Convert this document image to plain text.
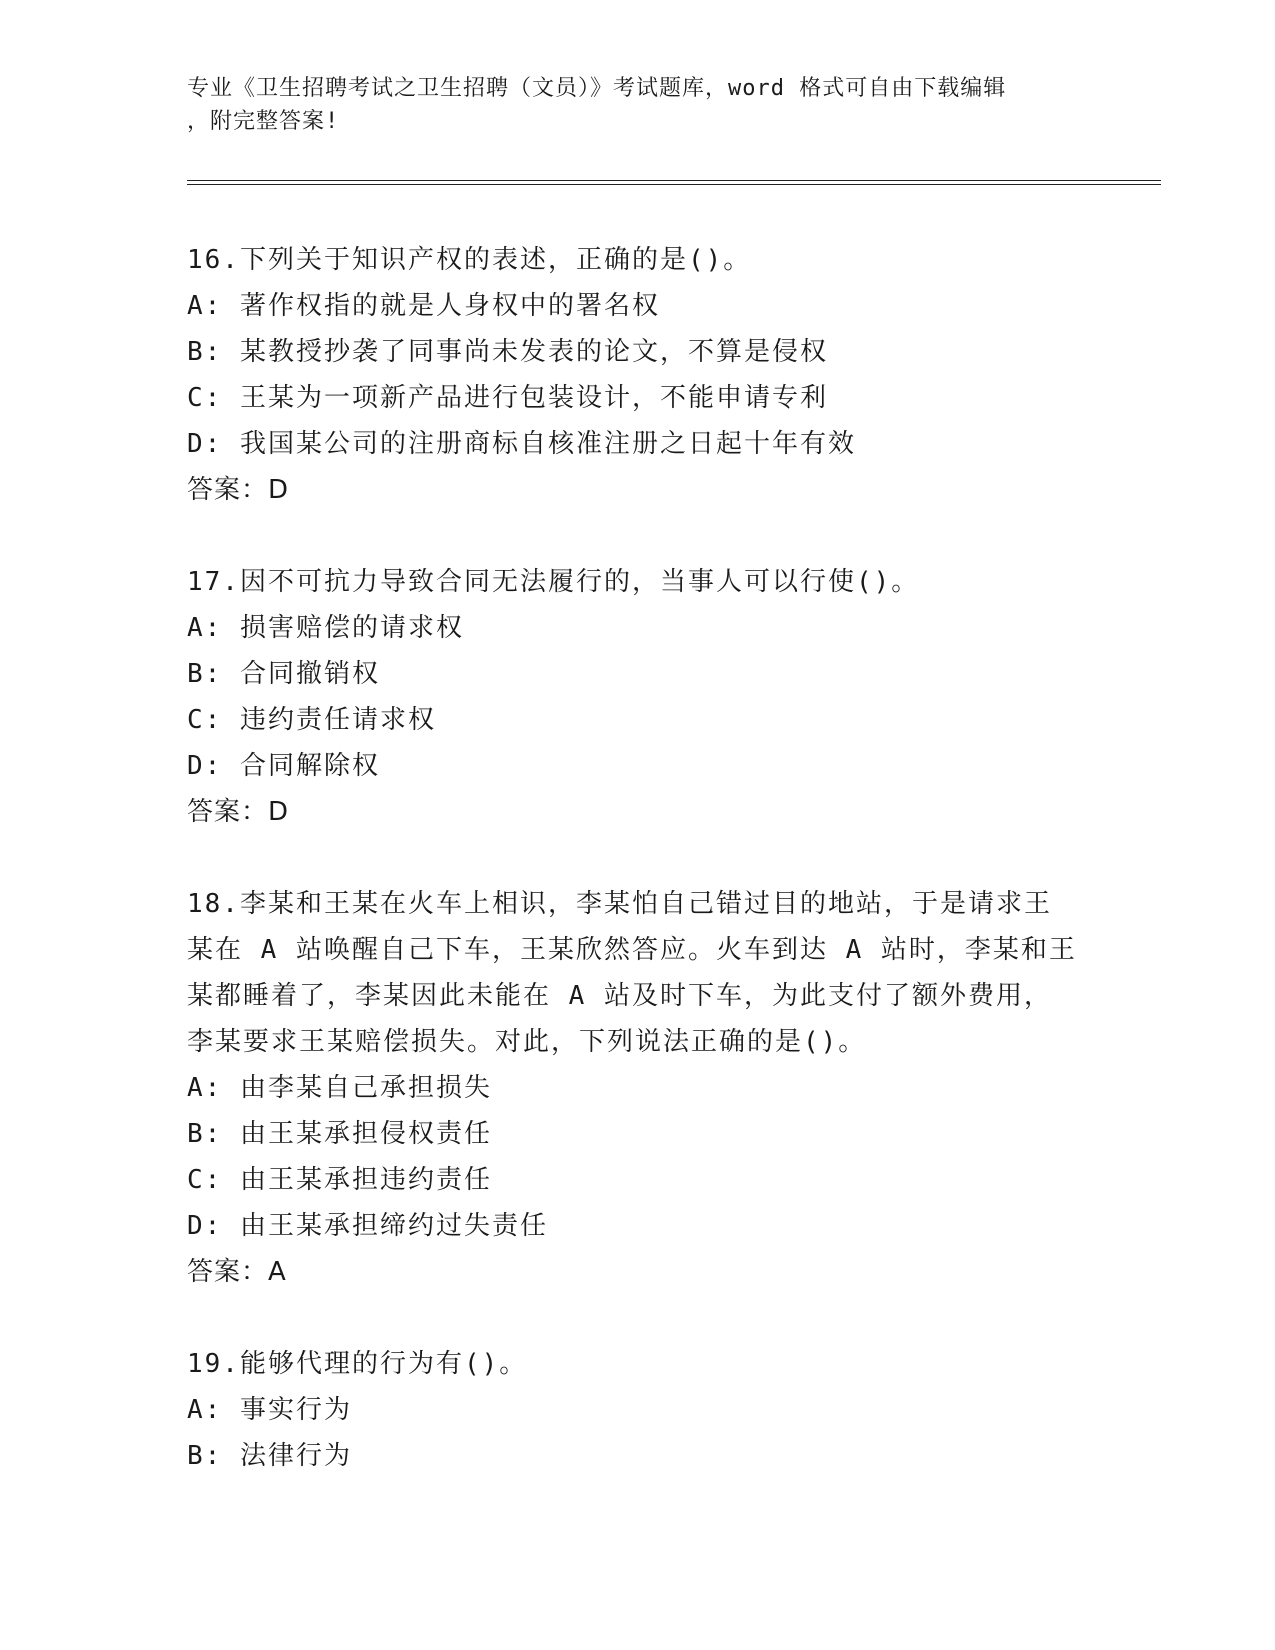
专业《卫生招聘考试之卫生招聘（文员）》考试题库，word 格式可自由下载编辑
，附完整答案!
16.下列关于知识产权的表述，正确的是()。
A: 著作权指的就是人身权中的署名权
B: 某教授抄袭了同事尚未发表的论文，不算是侵权
C: 王某为一项新产品进行包装设计，不能申请专利
D: 我国某公司的注册商标自核准注册之日起十年有效
答案：D
17.因不可抗力导致合同无法履行的，当事人可以行使()。
A: 损害赔偿的请求权
B: 合同撤销权
C: 违约责任请求权
D: 合同解除权
答案：D
18.李某和王某在火车上相识，李某怕自己错过目的地站，于是请求王
某在 A 站唤醒自己下车，王某欣然答应。火车到达 A 站时，李某和王
某都睡着了，李某因此未能在 A 站及时下车，为此支付了额外费用，
李某要求王某赔偿损失。对此，下列说法正确的是()。
A: 由李某自己承担损失
B: 由王某承担侵权责任
C: 由王某承担违约责任
D: 由王某承担缔约过失责任
答案：A
19.能够代理的行为有()。
A: 事实行为
B: 法律行为
